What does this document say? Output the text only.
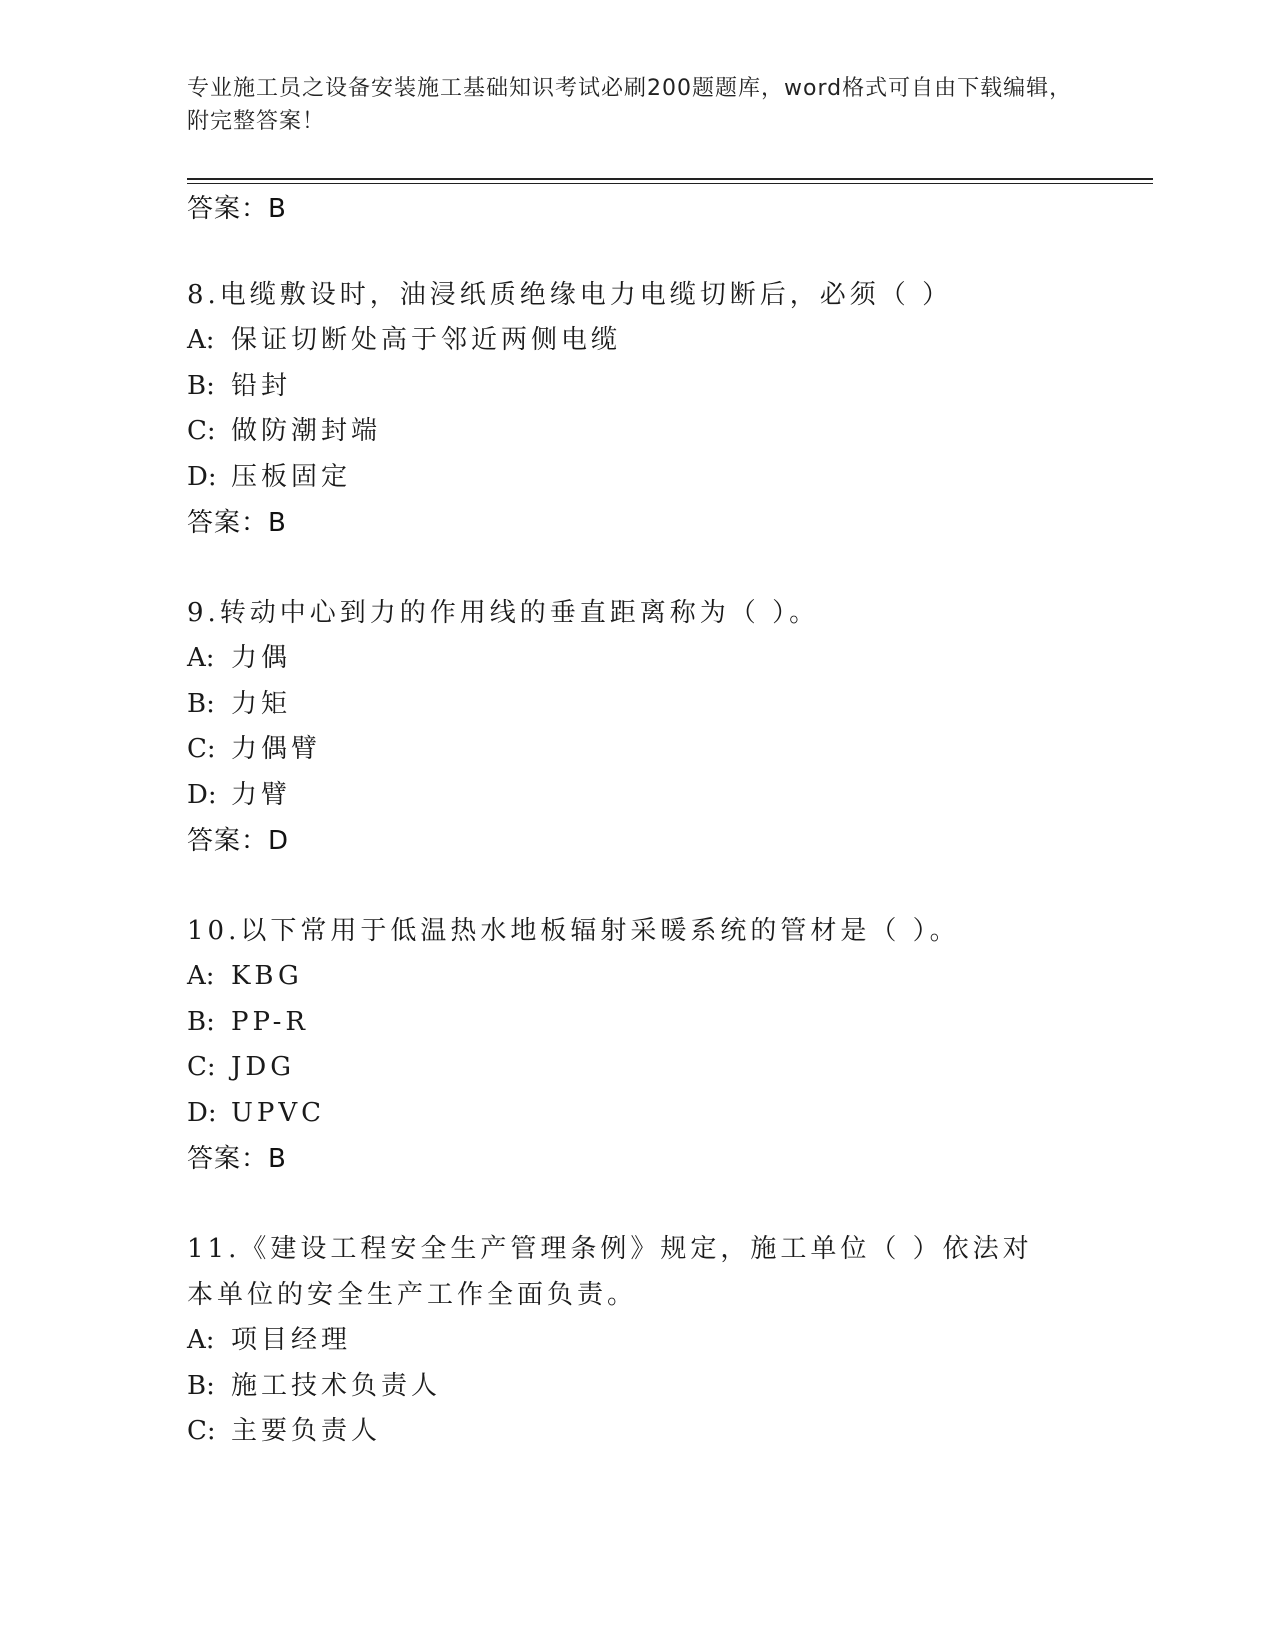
专业施工员之设备安装施工基础知识考试必刷200题题库，word格式可自由下载编辑，附完整答案！
答案：B
8.电缆敷设时，油浸纸质绝缘电力电缆切断后，必须（ ）
A: 保证切断处高于邻近两侧电缆
B: 铅封
C: 做防潮封端
D: 压板固定
答案：B
9.转动中心到力的作用线的垂直距离称为（ ）。
A: 力偶
B: 力矩
C: 力偶臂
D: 力臂
答案：D
10.以下常用于低温热水地板辐射采暖系统的管材是（ ）。
A: KBG
B: PP-R
C: JDG
D: UPVC
答案：B
11.《建设工程安全生产管理条例》规定，施工单位（ ）依法对本单位的安全生产工作全面负责。
A: 项目经理
B: 施工技术负责人
C: 主要负责人
